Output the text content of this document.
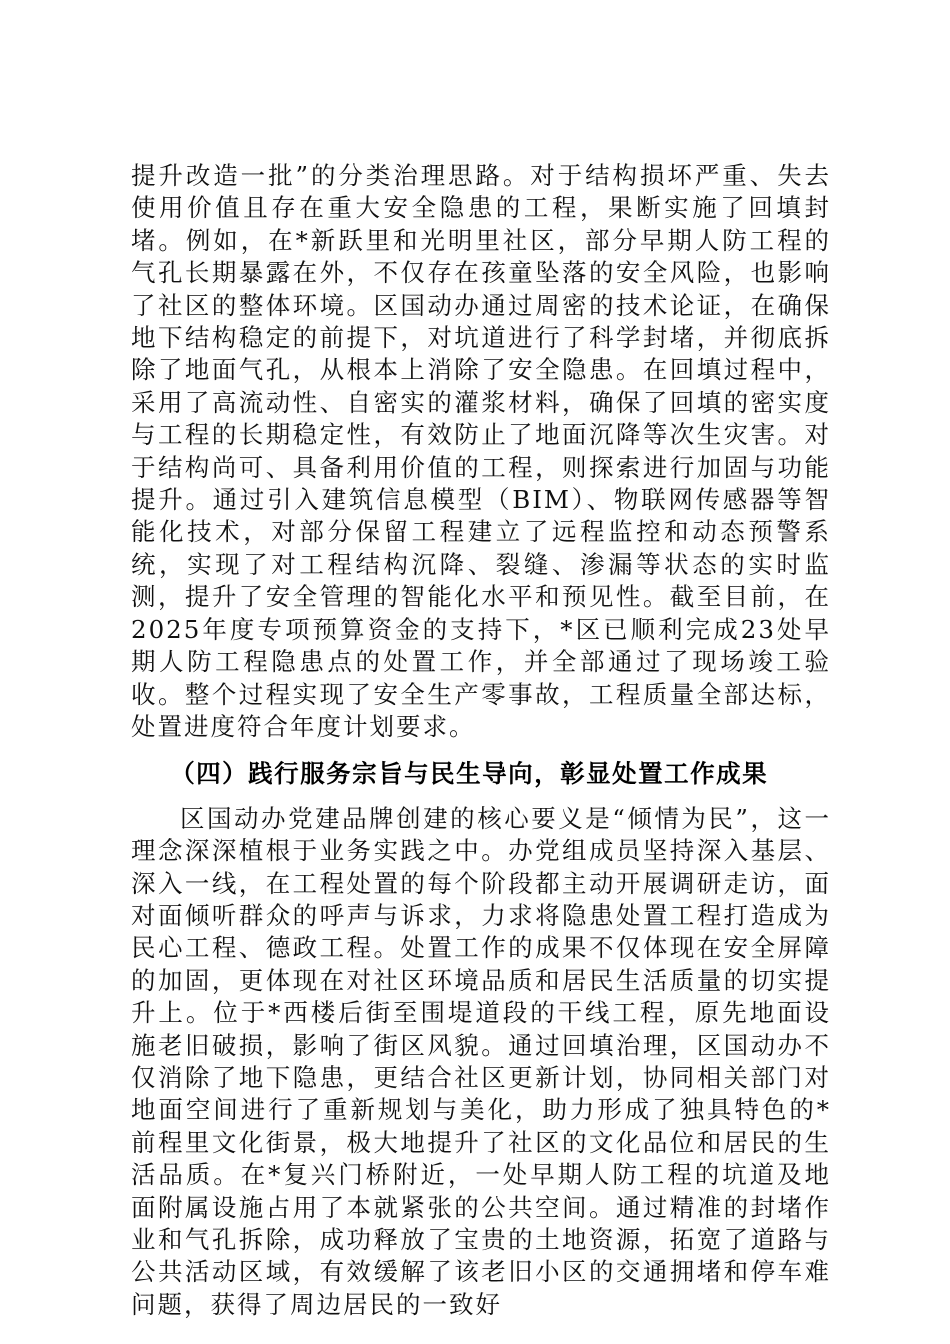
提升改造一批”的分类治理思路。对于结构损坏严重、失去使用价值且存在重大安全隐患的工程，果断实施了回填封堵。例如，在*新跃里和光明里社区，部分早期人防工程的气孔长期暴露在外，不仅存在孩童坠落的安全风险，也影响了社区的整体环境。区国动办通过周密的技术论证，在确保地下结构稳定的前提下，对坑道进行了科学封堵，并彻底拆除了地面气孔，从根本上消除了安全隐患。在回填过程中，采用了高流动性、自密实的灌浆材料，确保了回填的密实度与工程的长期稳定性，有效防止了地面沉降等次生灾害。对于结构尚可、具备利用价值的工程，则探索进行加固与功能提升。通过引入建筑信息模型（BIM）、物联网传感器等智能化技术，对部分保留工程建立了远程监控和动态预警系统，实现了对工程结构沉降、裂缝、渗漏等状态的实时监测，提升了安全管理的智能化水平和预见性。截至目前，在2025年度专项预算资金的支持下，*区已顺利完成23处早期人防工程隐患点的处置工作，并全部通过了现场竣工验收。整个过程实现了安全生产零事故，工程质量全部达标，处置进度符合年度计划要求。

（四）践行服务宗旨与民生导向，彰显处置工作成果

区国动办党建品牌创建的核心要义是“倾情为民”，这一理念深深植根于业务实践之中。办党组成员坚持深入基层、深入一线，在工程处置的每个阶段都主动开展调研走访，面对面倾听群众的呼声与诉求，力求将隐患处置工程打造成为民心工程、德政工程。处置工作的成果不仅体现在安全屏障的加固，更体现在对社区环境品质和居民生活质量的切实提升上。位于*西楼后街至围堤道段的干线工程，原先地面设施老旧破损，影响了街区风貌。通过回填治理，区国动办不仅消除了地下隐患，更结合社区更新计划，协同相关部门对地面空间进行了重新规划与美化，助力形成了独具特色的*前程里文化街景，极大地提升了社区的文化品位和居民的生活品质。在*复兴门桥附近，一处早期人防工程的坑道及地面附属设施占用了本就紧张的公共空间。通过精准的封堵作业和气孔拆除，成功释放了宝贵的土地资源，拓宽了道路与公共活动区域，有效缓解了该老旧小区的交通拥堵和停车难问题，获得了周边居民的一致好
